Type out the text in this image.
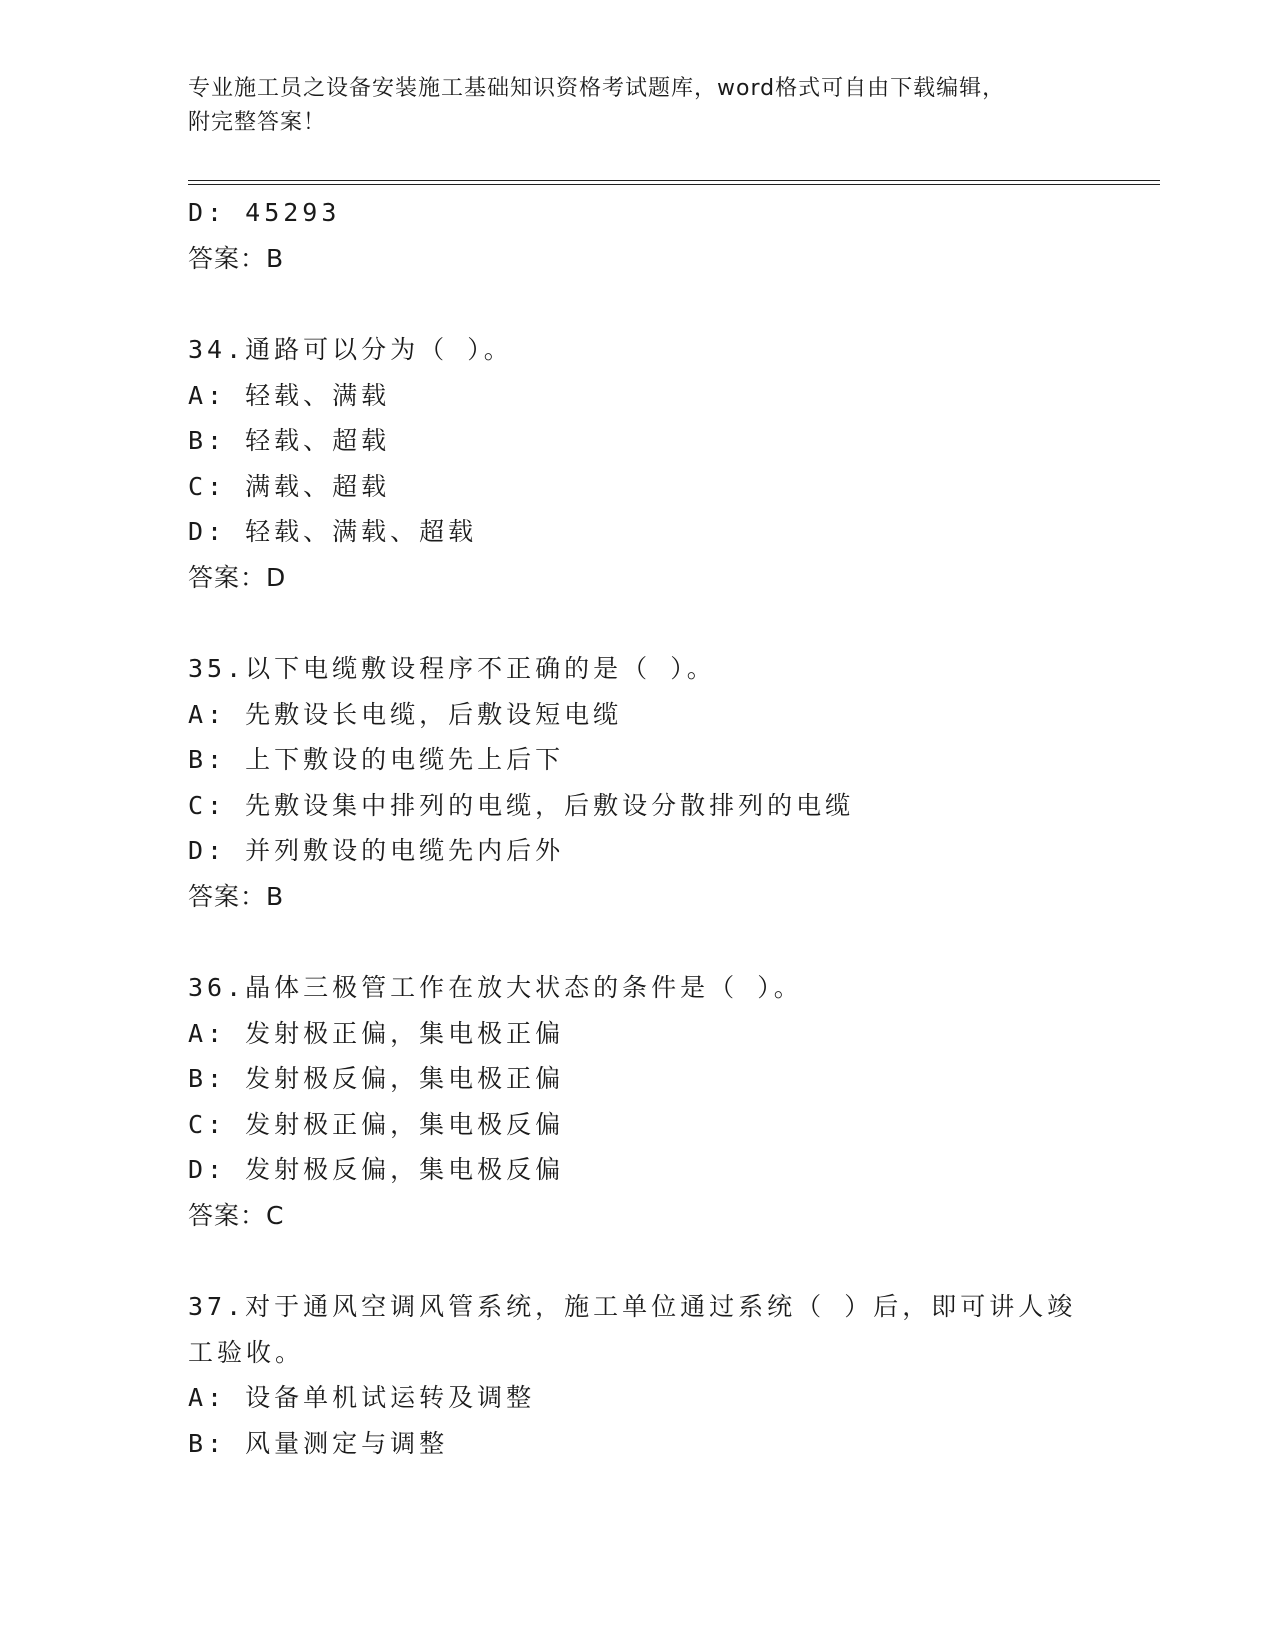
专业施工员之设备安装施工基础知识资格考试题库，word格式可自由下载编辑，
附完整答案！
D: 45293
答案：B
34.通路可以分为（ ）。
A: 轻载、满载
B: 轻载、超载
C: 满载、超载
D: 轻载、满载、超载
答案：D
35.以下电缆敷设程序不正确的是（ ）。
A: 先敷设长电缆，后敷设短电缆
B: 上下敷设的电缆先上后下
C: 先敷设集中排列的电缆，后敷设分散排列的电缆
D: 并列敷设的电缆先内后外
答案：B
36.晶体三极管工作在放大状态的条件是（ ）。
A: 发射极正偏，集电极正偏
B: 发射极反偏，集电极正偏
C: 发射极正偏，集电极反偏
D: 发射极反偏，集电极反偏
答案：C
37.对于通风空调风管系统，施工单位通过系统（ ）后，即可讲人竣
工验收。
A: 设备单机试运转及调整
B: 风量测定与调整
